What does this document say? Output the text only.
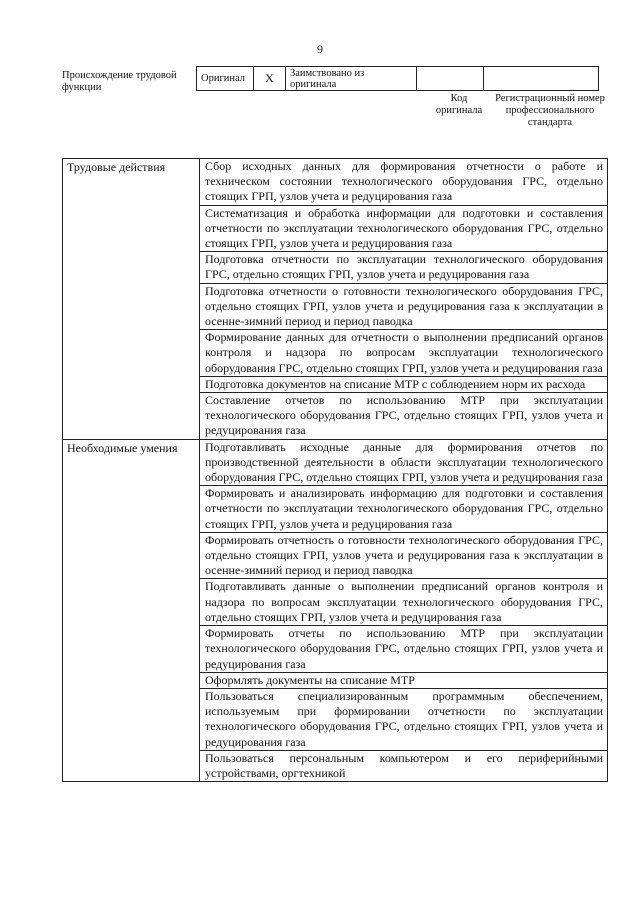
9
Происхождение трудовой функции
Оригинал	X	Заимствовано из оригинала		
Код оригинала
Регистрационный номер профессионального стандарта
Трудовые действия	Сбор исходных данных для формирования отчетности о работе и техническом состоянии технологического оборудования ГРС, отдельно стоящих ГРП, узлов учета и редуцирования газа
	Систематизация и обработка информации для подготовки и составления отчетности по эксплуатации технологического оборудования ГРС, отдельно стоящих ГРП, узлов учета и редуцирования газа
	Подготовка отчетности по эксплуатации технологического оборудования ГРС, отдельно стоящих ГРП, узлов учета и редуцирования газа
	Подготовка отчетности о готовности технологического оборудования ГРС, отдельно стоящих ГРП, узлов учета и редуцирования газа к эксплуатации в осенне-зимний период и период паводка
	Формирование данных для отчетности о выполнении предписаний органов контроля и надзора по вопросам эксплуатации технологического оборудования ГРС, отдельно стоящих ГРП, узлов учета и редуцирования газа
	Подготовка документов на списание МТР с соблюдением норм их расхода
	Составление отчетов по использованию МТР при эксплуатации технологического оборудования ГРС, отдельно стоящих ГРП, узлов учета и редуцирования газа
Необходимые умения	Подготавливать исходные данные для формирования отчетов по производственной деятельности в области эксплуатации технологического оборудования ГРС, отдельно стоящих ГРП, узлов учета и редуцирования газа
	Формировать и анализировать информацию для подготовки и составления отчетности по эксплуатации технологического оборудования ГРС, отдельно стоящих ГРП, узлов учета и редуцирования газа
	Формировать отчетность о готовности технологического оборудования ГРС, отдельно стоящих ГРП, узлов учета и редуцирования газа к эксплуатации в осенне-зимний период и период паводка
	Подготавливать данные о выполнении предписаний органов контроля и надзора по вопросам эксплуатации технологического оборудования ГРС, отдельно стоящих ГРП, узлов учета и редуцирования газа
	Формировать отчеты по использованию МТР при эксплуатации технологического оборудования ГРС, отдельно стоящих ГРП, узлов учета и редуцирования газа
	Оформлять документы на списание МТР
	Пользоваться специализированным программным обеспечением, используемым при формировании отчетности по эксплуатации технологического оборудования ГРС, отдельно стоящих ГРП, узлов учета и редуцирования газа
	Пользоваться персональным компьютером и его периферийными устройствами, оргтехникой
